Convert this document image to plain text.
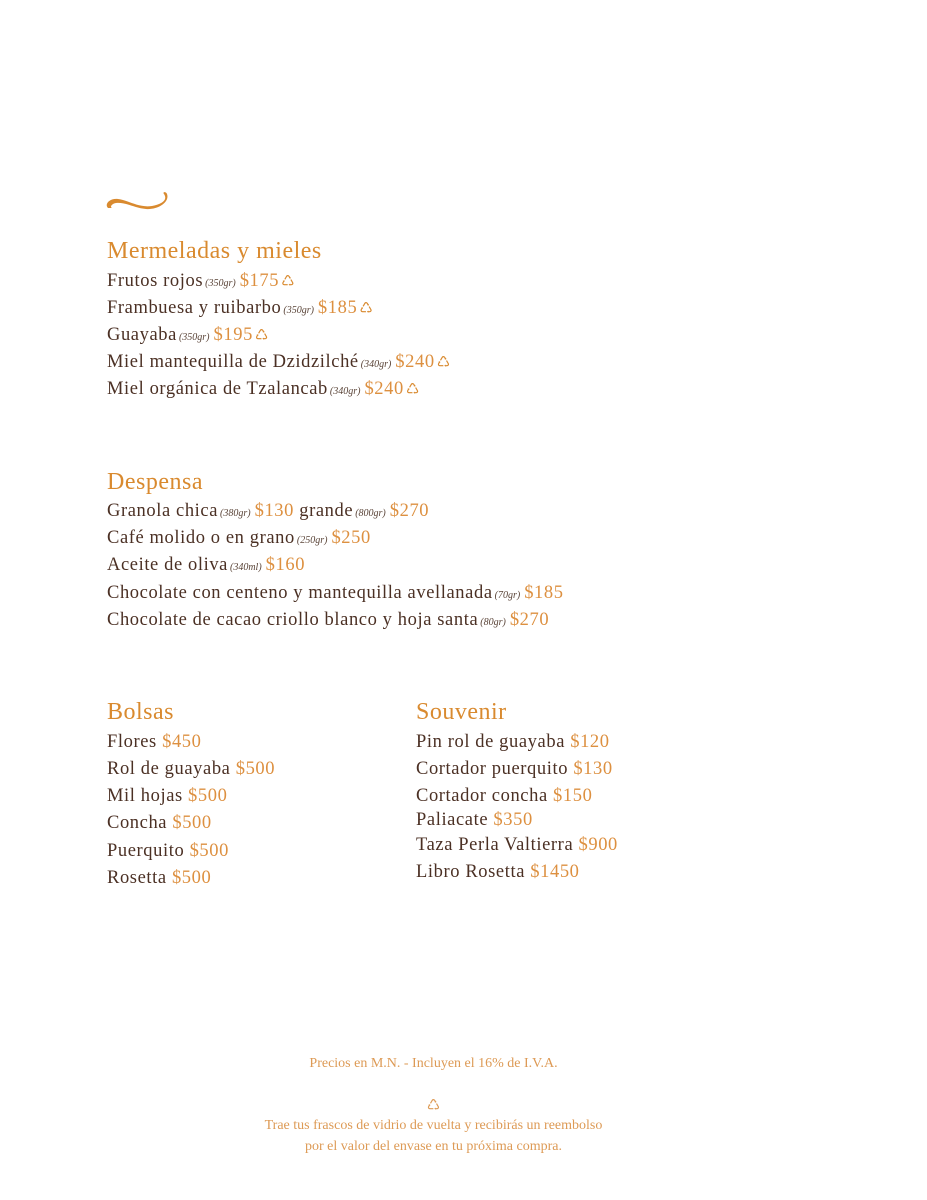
Mermeladas y mieles
Frutos rojos (350gr) $175 ♺
Frambuesa y ruibarbo (350gr) $185 ♺
Guayaba (350gr) $195 ♺
Miel mantequilla de Dzidzilché (340gr) $240 ♺
Miel orgánica de Tzalancab (340gr) $240 ♺
Despensa
Granola chica (380gr) $130 grande (800gr) $270
Café molido o en grano (250gr) $250
Aceite de oliva (340ml) $160
Chocolate con centeno y mantequilla avellanada (70gr) $185
Chocolate de cacao criollo blanco y hoja santa (80gr) $270
Bolsas
Flores $450
Rol de guayaba $500
Mil hojas $500
Concha $500
Puerquito $500
Rosetta $500
Souvenir
Pin rol de guayaba $120
Cortador puerquito $130
Cortador concha $150
Paliacate $350
Taza Perla Valtierra $900
Libro Rosetta $1450
Precios en M.N. - Incluyen el 16% de I.V.A.
♺
Trae tus frascos de vidrio de vuelta y recibirás un reembolso
por el valor del envase en tu próxima compra.
